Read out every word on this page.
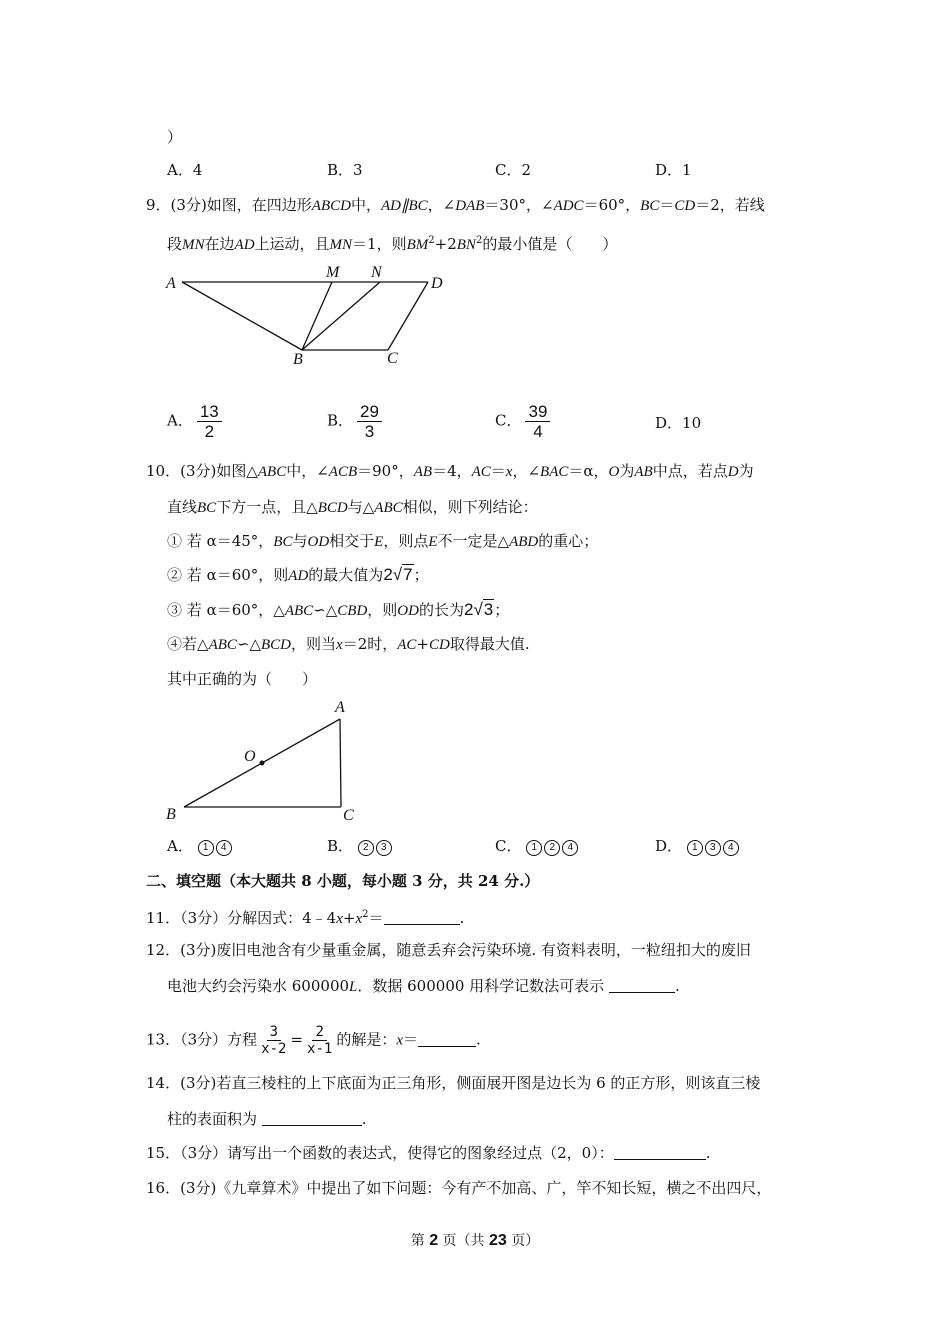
）
A．4	B．3	C．2	D．1
9．(3分)如图，在四边形ABCD中，AD∥BC，∠DAB＝30°，∠ADC＝60°，BC＝CD＝2，若线
段MN在边AD上运动，且MN＝1，则$BM^2+2BN^2$的最小值是（　　）
A
M N
D
B	C
A． $\frac{13}{2}$	B． $\frac{29}{3}$	C． $\frac{39}{4}$	D．10
10．(3分)如图△ABC中，∠ACB＝90°，AB＝4，AC＝x，∠BAC＝α，O为AB中点，若点D为
直线BC下方一点，且△BCD与△ABC相似，则下列结论：
① 若 α＝45°，BC与OD相交于E，则点E不一定是△ABD的重心；
② 若 α＝60°，则AD的最大值为2√7；
③ 若 α＝60°，△ABC∽△CBD，则OD的长为2√3；
④若△ABC∽△BCD，则当x＝2时，AC+CD取得最大值.
其中正确的为（　　）
A
O
B	C
A． 1 4	B． 2 3	C． 1 2 4	D． 1 3 4
二、填空题（本大题共 8 小题，每小题 3 分，共 24 分.）
11．（3分）分解因式：$4﹣4x+x^2=$	.
12．(3分)废旧电池含有少量重金属，随意丢弃会污染环境. 有资料表明，一粒纽扣大的废旧
电池大约会污染水 600000L．数据 600000 用科学记数法可表示	.
13．（3分）方程 $\frac{3}{x-2} = \frac{2}{x-1}$ 的解是：x＝	.
14．(3分)若直三棱柱的上下底面为正三角形，侧面展开图是边长为 6 的正方形，则该直三棱
柱的表面积为	.
15．（3分）请写出一个函数的表达式，使得它的图象经过点（2，0）：	.
16．(3分)《九章算术》中提出了如下问题：今有产不加高、广，竿不知长短，横之不出四尺，
第 2 页（共 23 页）
